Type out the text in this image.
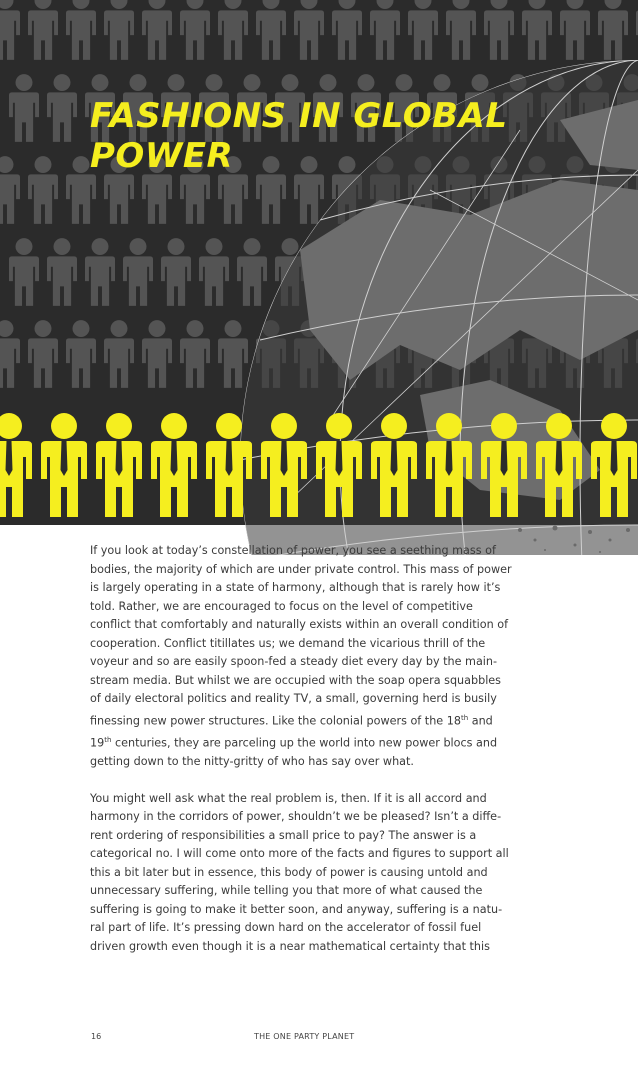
FASHIONS IN GLOBAL
POWER

If you look at today’s constellation of power, you see a seething mass of bodies, the majority of which are under private control. This mass of power is largely operating in a state of harmony, although that is rarely how it’s told. Rather, we are encouraged to focus on the level of competitive conflict that comfortably and naturally exists within an overall condition of cooperation. Conflict titillates us; we demand the vicarious thrill of the voyeur and so are easily spoon-fed a steady diet every day by the main-stream media. But whilst we are occupied with the soap opera squabbles of daily electoral politics and reality TV, a small, governing herd is busily finessing new power structures. Like the colonial powers of the 18th and 19th centuries, they are parceling up the world into new power blocs and getting down to the nitty-gritty of who has say over what.

You might well ask what the real problem is, then. If it is all accord and harmony in the corridors of power, shouldn’t we be pleased? Isn’t a diffe-rent ordering of responsibilities a small price to pay? The answer is a categorical no. I will come onto more of the facts and figures to support all this a bit later but in essence, this body of power is causing untold and unnecessary suffering, while telling you that more of what caused the suffering is going to make it better soon, and anyway, suffering is a natu-ral part of life. It’s pressing down hard on the accelerator of fossil fuel driven growth even though it is a near mathematical certainty that this

16	THE ONE PARTY PLANET
